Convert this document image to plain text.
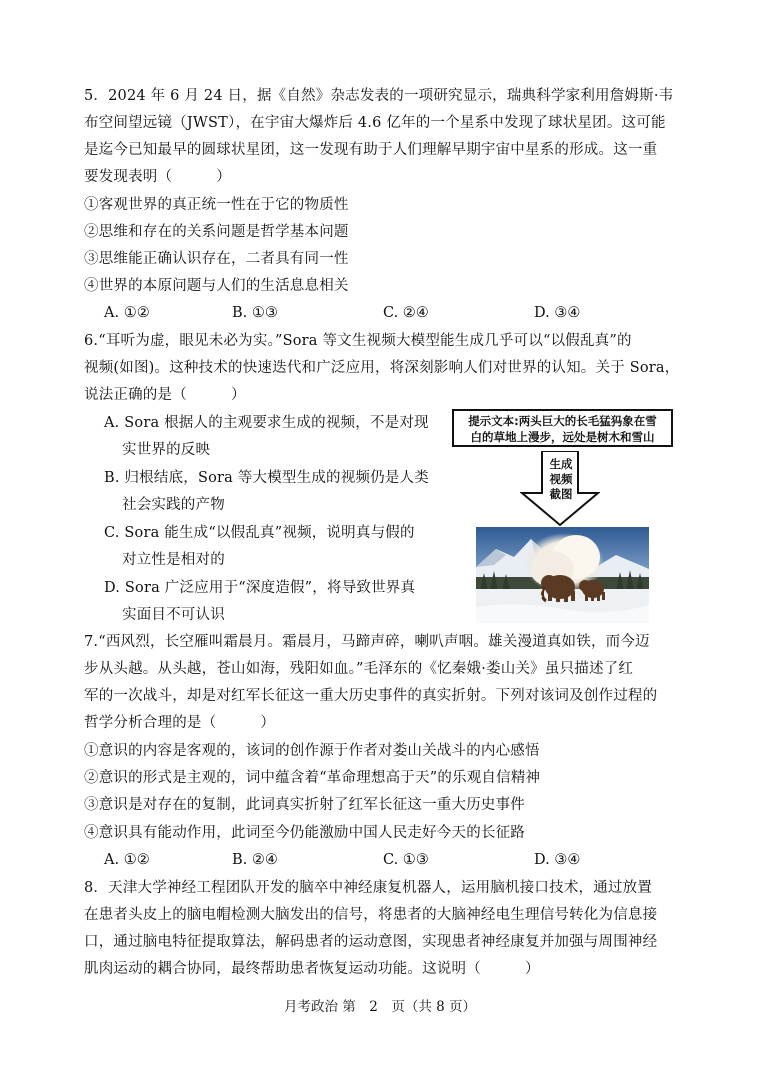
5．2024 年 6 月 24 日，据《自然》杂志发表的一项研究显示，瑞典科学家利用詹姆斯·韦
布空间望远镜（JWST），在宇宙大爆炸后 4.6 亿年的一个星系中发现了球状星团。这可能
是迄今已知最早的圆球状星团，这一发现有助于人们理解早期宇宙中星系的形成。这一重
要发现表明（　　　）
①客观世界的真正统一性在于它的物质性
②思维和存在的关系问题是哲学基本问题
③思维能正确认识存在，二者具有同一性
④世界的本原问题与人们的生活息息相关
A. ①②	B. ①③	C. ②④	D. ③④
6.“耳听为虚，眼见未必为实。”Sora 等文生视频大模型能生成几乎可以“以假乱真”的
视频(如图)。这种技术的快速迭代和广泛应用，将深刻影响人们对世界的认知。关于 Sora，
说法正确的是（　　　）
A. Sora 根据人的主观要求生成的视频，不是对现
实世界的反映
B. 归根结底，Sora 等大模型生成的视频仍是人类
社会实践的产物
C. Sora 能生成“以假乱真”视频，说明真与假的
对立性是相对的
D. Sora 广泛应用于“深度造假”，将导致世界真
实面目不可认识
提示文本:两头巨大的长毛猛犸象在雪
白的草地上漫步，远处是树木和雪山
生成
视频
截图
7.“西风烈，长空雁叫霜晨月。霜晨月，马蹄声碎，喇叭声咽。雄关漫道真如铁，而今迈
步从头越。从头越，苍山如海，残阳如血。”毛泽东的《忆秦娥·娄山关》虽只描述了红
军的一次战斗，却是对红军长征这一重大历史事件的真实折射。下列对该词及创作过程的
哲学分析合理的是（　　　）
①意识的内容是客观的，该词的创作源于作者对娄山关战斗的内心感悟
②意识的形式是主观的，词中蕴含着“革命理想高于天”的乐观自信精神
③意识是对存在的复制，此词真实折射了红军长征这一重大历史事件
④意识具有能动作用，此词至今仍能激励中国人民走好今天的长征路
A. ①②	B. ②④	C. ①③	D. ③④
8．天津大学神经工程团队开发的脑卒中神经康复机器人，运用脑机接口技术，通过放置
在患者头皮上的脑电帽检测大脑发出的信号，将患者的大脑神经电生理信号转化为信息接
口，通过脑电特征提取算法，解码患者的运动意图，实现患者神经康复并加强与周围神经
肌肉运动的耦合协同，最终帮助患者恢复运动功能。这说明（　　　）
月考政治 第　2　页（共 8 页）
